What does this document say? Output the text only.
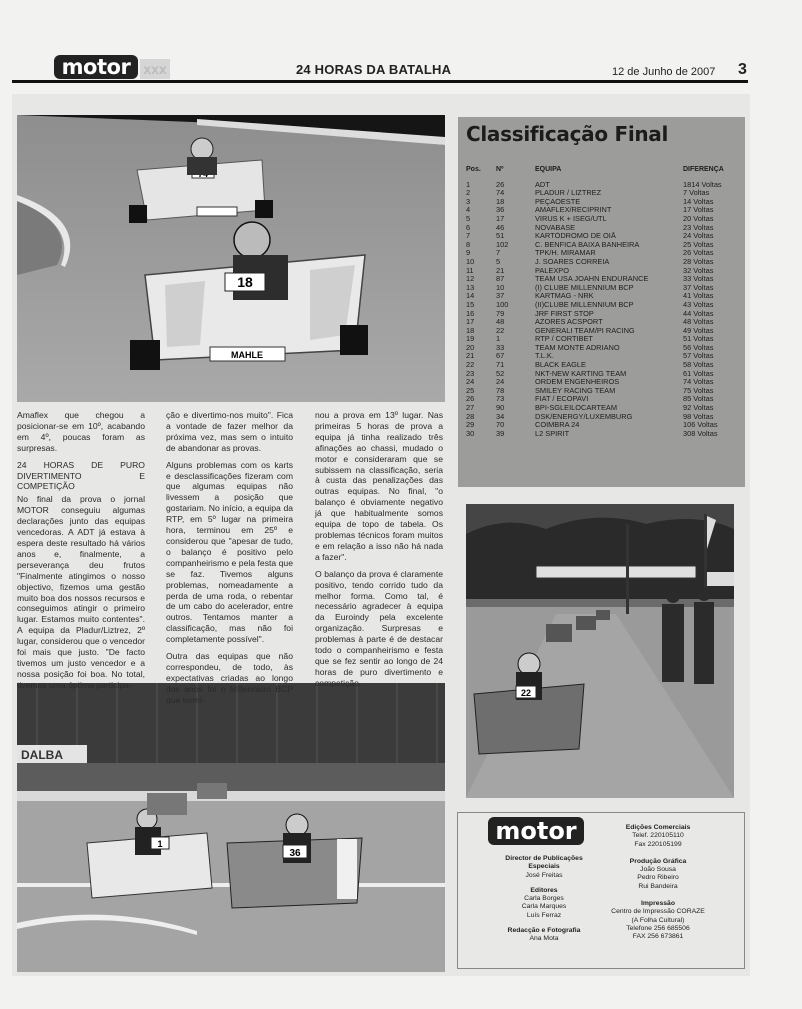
motor xxx	24 HORAS DA BATALHA	12 de Junho de 2007 3
18
MAHLE
22
DALBA
1
36

Amaflex que chegou a posicionar-se em 10º, acabando em 4º, poucas foram as surpresas.

24 HORAS DE PURO DIVERTIMENTO E COMPETIÇÃO

No final da prova o jornal MOTOR conseguiu algumas declarações junto das equipas vencedoras. A ADT já estava à espera deste resultado há vários anos e, finalmente, a perseverança deu frutos "Finalmente atingimos o nosso objectivo, fizemos uma gestão muito boa dos nossos recursos e conseguimos atingir o primeiro lugar. Estamos muito contentes". A equipa da Pladur/Liztrez, 2º lugar, considerou que o vencedor foi mais que justo. "De facto tivemos um justo vencedor e a nossa posição foi boa. No total, tivemos uma óptima participa-

ção e divertimo-nos muito". Fica a vontade de fazer melhor da próxima vez, mas sem o intuito de abandonar as provas.

Alguns problemas com os karts e desclassificações fizeram com que algumas equipas não livessem a posição que gostariam. No início, a equipa da RTP, em 5º lugar na primeira hora, terminou em 25º e considerou que "apesar de tudo, o balanço é positivo pelo companheirismo e pela festa que se faz. Tivemos alguns problemas, nomeadamente a perda de uma roda, o rebentar de um cabo do acelerador, entre outros. Tentamos manter a classificação, mas não foi completamente possível".

Outra das equipas que não correspondeu, de todo, às expectativas criadas ao longo dos anos foi o Millennium BCP que termi-

nou a prova em 13º lugar. Nas primeiras 5 horas de prova a equipa já tinha realizado três afinações ao chassi, mudado o motor e consideraram que se subissem na classificação, seria à custa das penalizações das outras equipas. No final, "o balanço é obviamente negativo já que habitualmente somos equipa de topo de tabela. Os problemas técnicos foram muitos e em relação a isso não há nada a fazer".

O balanço da prova é claramente positivo, tendo corrido tudo da melhor forma. Como tal, é necessário agradecer à equipa da Euroindy pela excelente organização. Surpresas e problemas à parte é de destacar todo o companheirismo e festa que se fez sentir ao longo de 24 horas de puro divertimento e competição.

Classificação Final
Pos.	Nº	EQUIPA	DIFERENÇA
1	26	ADT	1814 Voltas
2	74	PLADUR / LIZTREZ	7 Voltas
3	18	PEÇAOESTE	14 Voltas
4	36	AMAFLEX/RECIPRINT	17 Voltas
5	17	VIRUS K + ISEG/UTL	20 Voltas
6	46	NOVABASE	23 Voltas
7	51	KARTÓDROMO DE OIÃ	24 Voltas
8	102	C. BENFICA BAIXA BANHEIRA	25 Voltas
9	7	TPK/H. MIRAMAR	26 Voltas
10	5	J. SOARES CORREIA	28 Voltas
11	21	PALEXPO	32 Voltas
12	87	TEAM USA JOAHN ENDURANCE	33 Voltas
13	10	(I) CLUBE MILLENNIUM BCP	37 Voltas
14	37	KARTMAG - NRK	41 Voltas
15	100	(II)CLUBE MILLENNIUM BCP	43 Voltas
16	79	JRF FIRST STOP	44 Voltas
17	48	AZORES ACSPORT	48 Voltas
18	22	GENERALI TEAM/PI RACING	49 Voltas
19	1	RTP / CORTIBET	51 Voltas
20	33	TEAM MONTE ADRIANO	56 Voltas
21	67	T.L.K.	57 Voltas
22	71	BLACK EAGLE	58 Voltas
23	52	NKT-NEW KARTING TEAM	61 Voltas
24	24	ORDEM ENGENHEIROS	74 Voltas
25	78	SMILEY RACING TEAM	75 Voltas
26	73	FIAT / ECOPAVI	85 Voltas
27	90	BPI-SGLEILOCARTEAM	92 Voltas
28	34	DSK/ENERGY/LUXEMBURG	98 Voltas
29	70	COIMBRA 24	106 Voltas
30	39	L2 SPIRIT	308 Voltas
motor
Director de Publicações Especiais
José Freitas
Editores
Carla Borges
Carla Marques
Luís Ferraz
Redacção e Fotografia
Ana Mota
Edições Comerciais
Telef. 220105110
Fax 220105199
Produção Gráfica
João Sousa
Pedro Ribeiro
Rui Bandeira
Impressão
Centro de Impressão CORAZE
(A Folha Cultural)
Telefone 256 685506
FAX 256 673861
